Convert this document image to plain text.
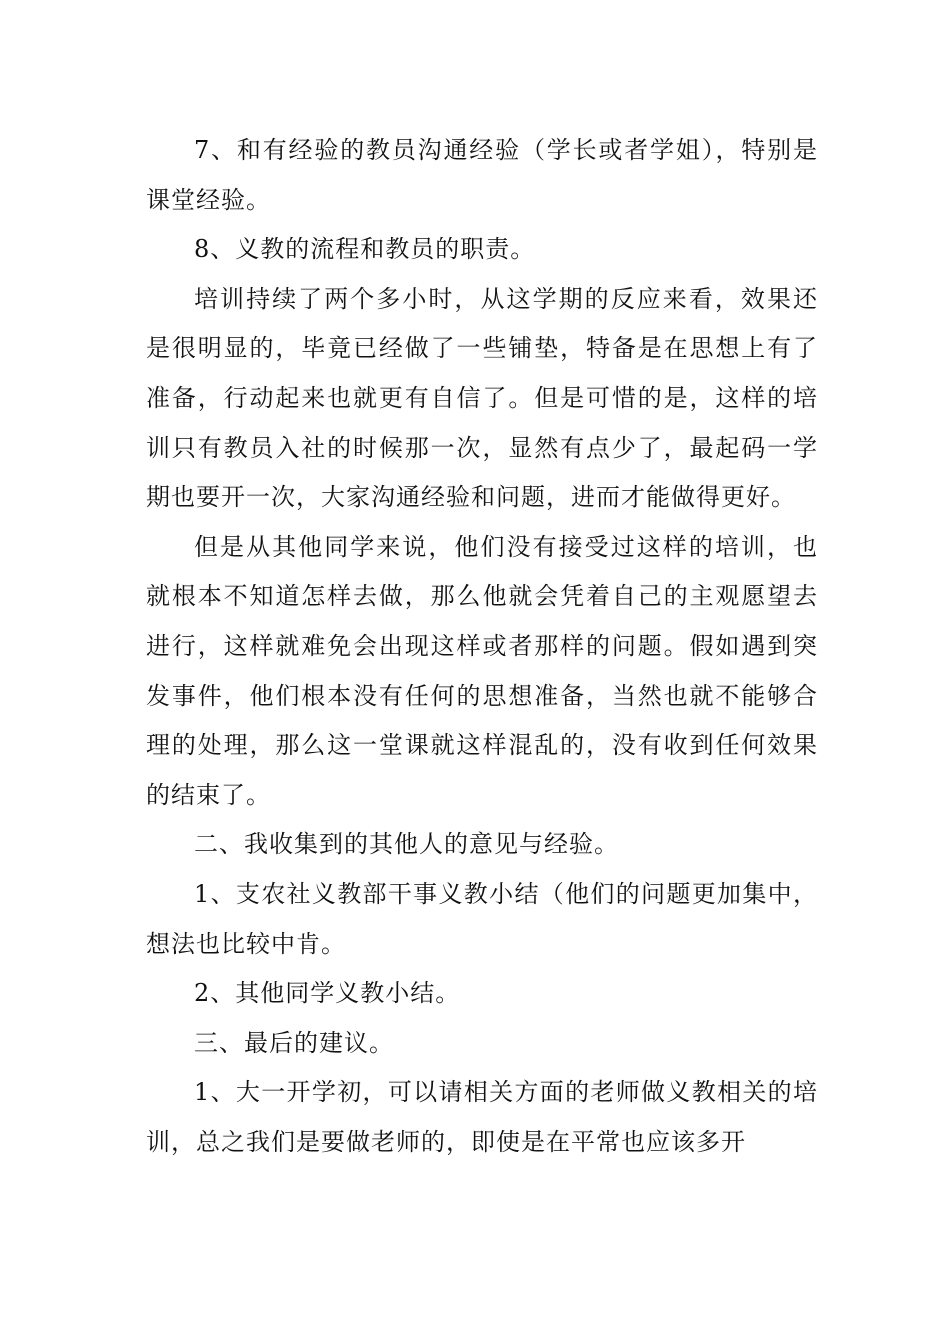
7、和有经验的教员沟通经验（学长或者学姐），特别是课堂经验。

8、义教的流程和教员的职责。

培训持续了两个多小时，从这学期的反应来看，效果还是很明显的，毕竟已经做了一些铺垫，特备是在思想上有了准备，行动起来也就更有自信了。但是可惜的是，这样的培训只有教员入社的时候那一次，显然有点少了，最起码一学期也要开一次，大家沟通经验和问题，进而才能做得更好。

但是从其他同学来说，他们没有接受过这样的培训，也就根本不知道怎样去做，那么他就会凭着自己的主观愿望去进行，这样就难免会出现这样或者那样的问题。假如遇到突发事件，他们根本没有任何的思想准备，当然也就不能够合理的处理，那么这一堂课就这样混乱的，没有收到任何效果的结束了。

二、我收集到的其他人的意见与经验。

1、支农社义教部干事义教小结（他们的问题更加集中，想法也比较中肯。

2、其他同学义教小结。

三、最后的建议。

1、大一开学初，可以请相关方面的老师做义教相关的培训，总之我们是要做老师的，即使是在平常也应该多开
